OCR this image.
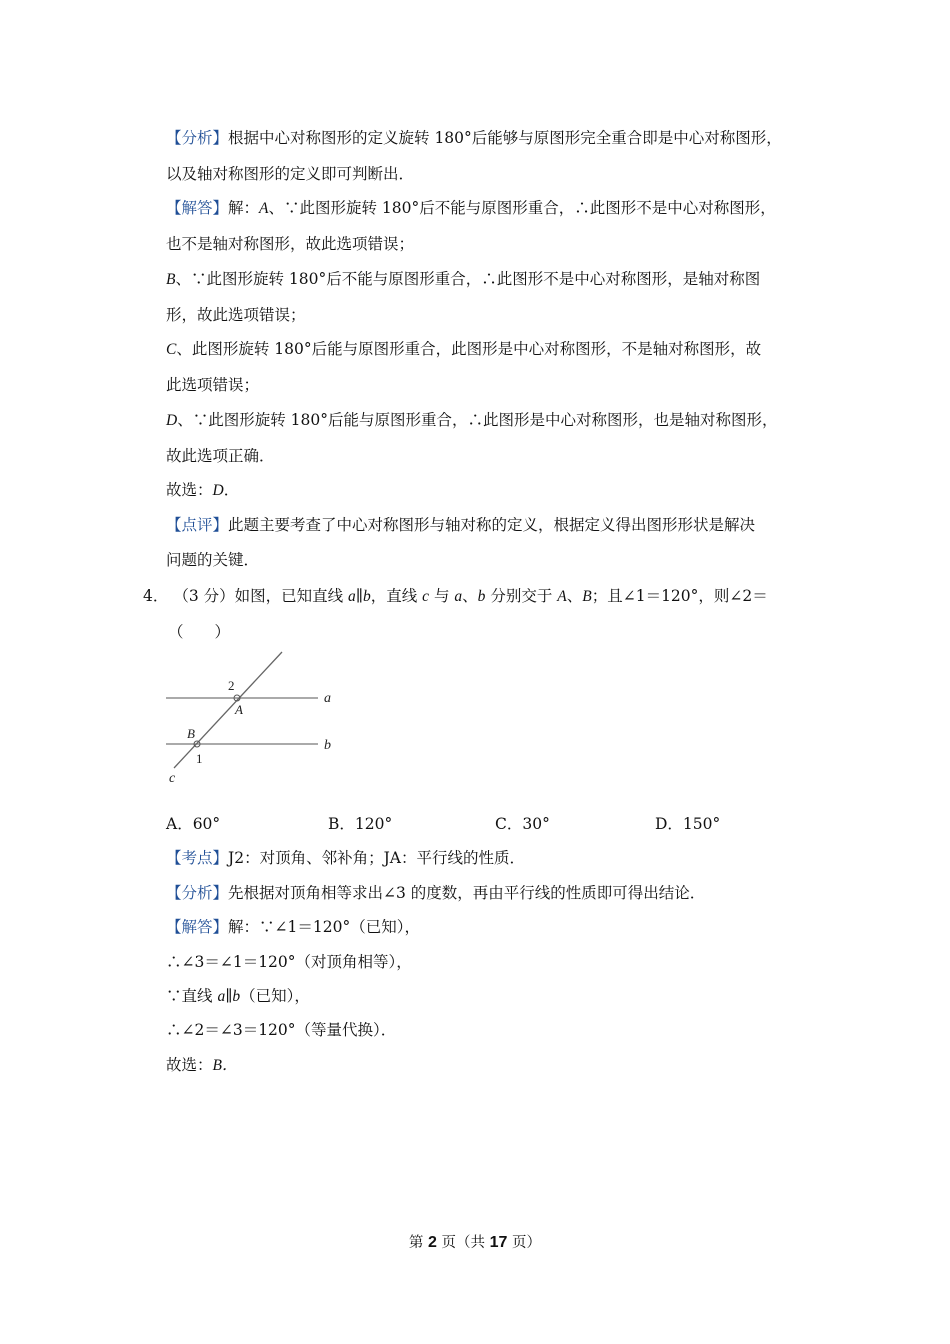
【分析】根据中心对称图形的定义旋转 180°后能够与原图形完全重合即是中心对称图形，
以及轴对称图形的定义即可判断出．
【解答】解：A、∵此图形旋转 180°后不能与原图形重合，∴此图形不是中心对称图形，
也不是轴对称图形，故此选项错误；
B、∵此图形旋转 180°后不能与原图形重合，∴此图形不是中心对称图形，是轴对称图
形，故此选项错误；
C、此图形旋转 180°后能与原图形重合，此图形是中心对称图形，不是轴对称图形，故
此选项错误；
D、∵此图形旋转 180°后能与原图形重合，∴此图形是中心对称图形，也是轴对称图形，
故此选项正确．
故选：D．
【点评】此题主要考查了中心对称图形与轴对称的定义，根据定义得出图形形状是解决
问题的关键．
4． （3 分）如图，已知直线 a∥b，直线 c 与 a、b 分别交于 A、B；且∠1＝120°，则∠2＝
（　　）
2
A
a
B
b
1
c
A．60°	B．120°	C．30°	D．150°
【考点】J2：对顶角、邻补角；JA：平行线的性质．
【分析】先根据对顶角相等求出∠3 的度数，再由平行线的性质即可得出结论．
【解答】解：∵∠1＝120°（已知），
∴∠3＝∠1＝120°（对顶角相等），
∵直线 a∥b（已知），
∴∠2＝∠3＝120°（等量代换）．
故选：B．
第 2 页（共 17 页）
